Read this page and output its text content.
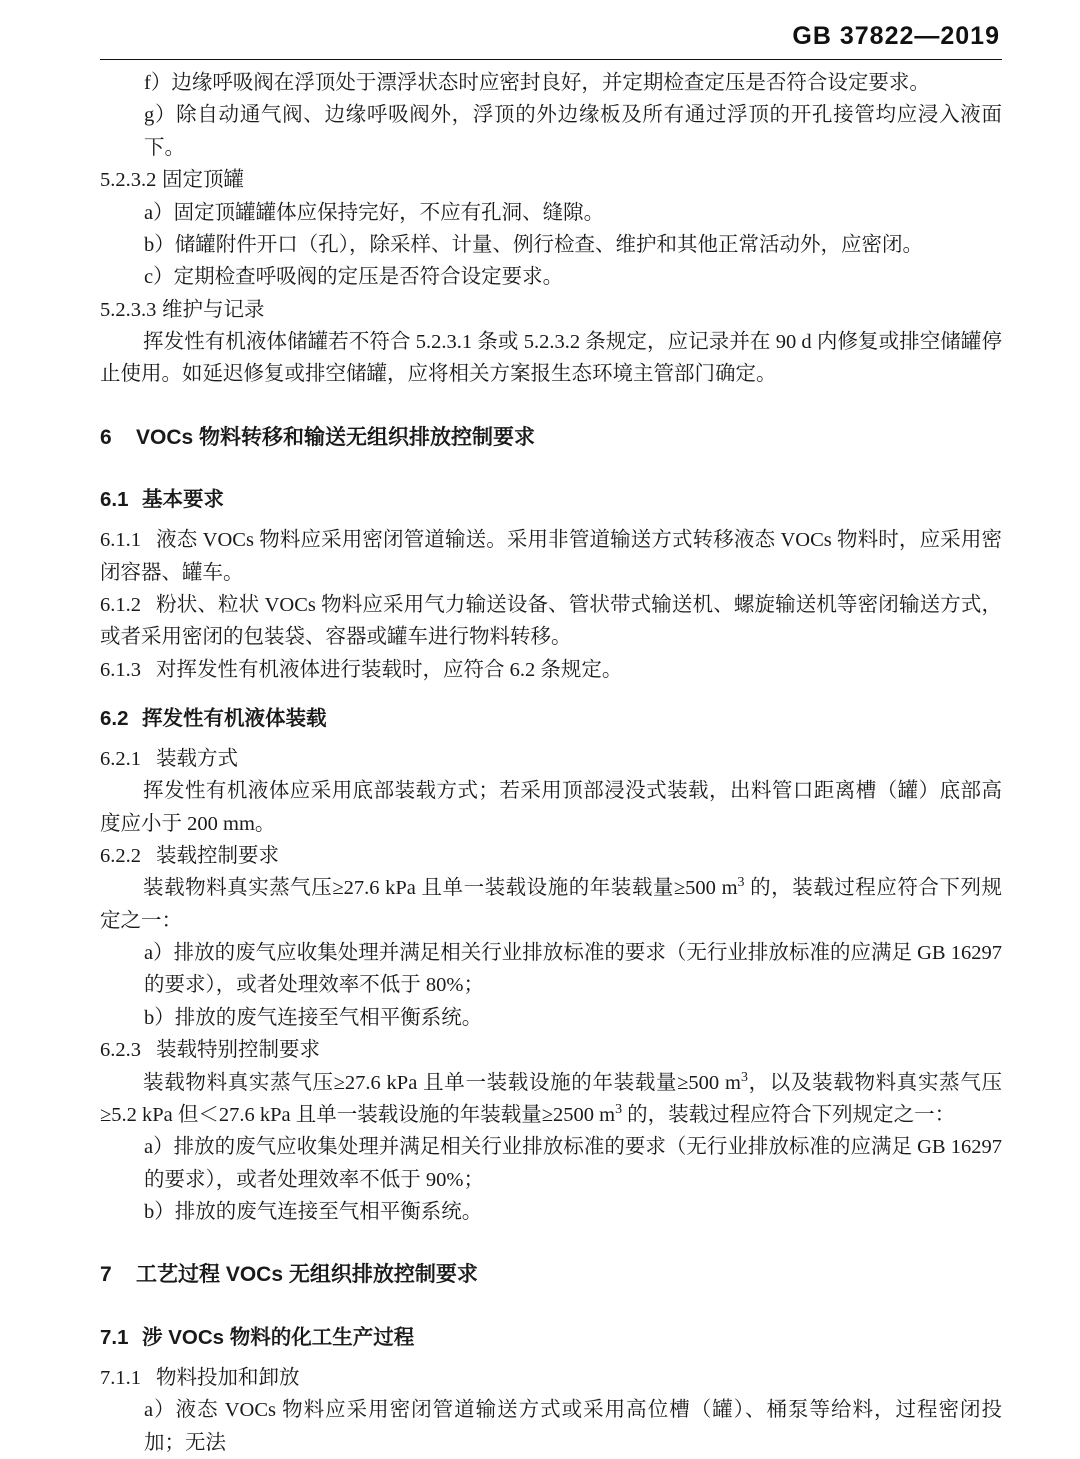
GB 37822—2019

f）边缘呼吸阀在浮顶处于漂浮状态时应密封良好，并定期检查定压是否符合设定要求。

g）除自动通气阀、边缘呼吸阀外，浮顶的外边缘板及所有通过浮顶的开孔接管均应浸入液面下。

5.2.3.2 固定顶罐

a）固定顶罐罐体应保持完好，不应有孔洞、缝隙。

b）储罐附件开口（孔），除采样、计量、例行检查、维护和其他正常活动外，应密闭。

c）定期检查呼吸阀的定压是否符合设定要求。

5.2.3.3 维护与记录

挥发性有机液体储罐若不符合 5.2.3.1 条或 5.2.3.2 条规定，应记录并在 90 d 内修复或排空储罐停止使用。如延迟修复或排空储罐，应将相关方案报生态环境主管部门确定。

6 VOCs 物料转移和输送无组织排放控制要求

6.1 基本要求

6.1.1 液态 VOCs 物料应采用密闭管道输送。采用非管道输送方式转移液态 VOCs 物料时，应采用密闭容器、罐车。

6.1.2 粉状、粒状 VOCs 物料应采用气力输送设备、管状带式输送机、螺旋输送机等密闭输送方式，或者采用密闭的包装袋、容器或罐车进行物料转移。

6.1.3 对挥发性有机液体进行装载时，应符合 6.2 条规定。

6.2 挥发性有机液体装载

6.2.1 装载方式

挥发性有机液体应采用底部装载方式；若采用顶部浸没式装载，出料管口距离槽（罐）底部高度应小于 200 mm。

6.2.2 装载控制要求

装载物料真实蒸气压≥27.6 kPa 且单一装载设施的年装载量≥500 $m^3$ 的，装载过程应符合下列规定之一：

a）排放的废气应收集处理并满足相关行业排放标准的要求（无行业排放标准的应满足 GB 16297 的要求），或者处理效率不低于 80%；

b）排放的废气连接至气相平衡系统。

6.2.3 装载特别控制要求

装载物料真实蒸气压≥27.6 kPa 且单一装载设施的年装载量≥500 $m^3$，以及装载物料真实蒸气压≥5.2 kPa 但＜27.6 kPa 且单一装载设施的年装载量≥2500 $m^3$ 的，装载过程应符合下列规定之一：

a）排放的废气应收集处理并满足相关行业排放标准的要求（无行业排放标准的应满足 GB 16297 的要求），或者处理效率不低于 90%；

b）排放的废气连接至气相平衡系统。

7 工艺过程 VOCs 无组织排放控制要求

7.1 涉 VOCs 物料的化工生产过程

7.1.1 物料投加和卸放

a）液态 VOCs 物料应采用密闭管道输送方式或采用高位槽（罐）、桶泵等给料，过程密闭投加；无法
